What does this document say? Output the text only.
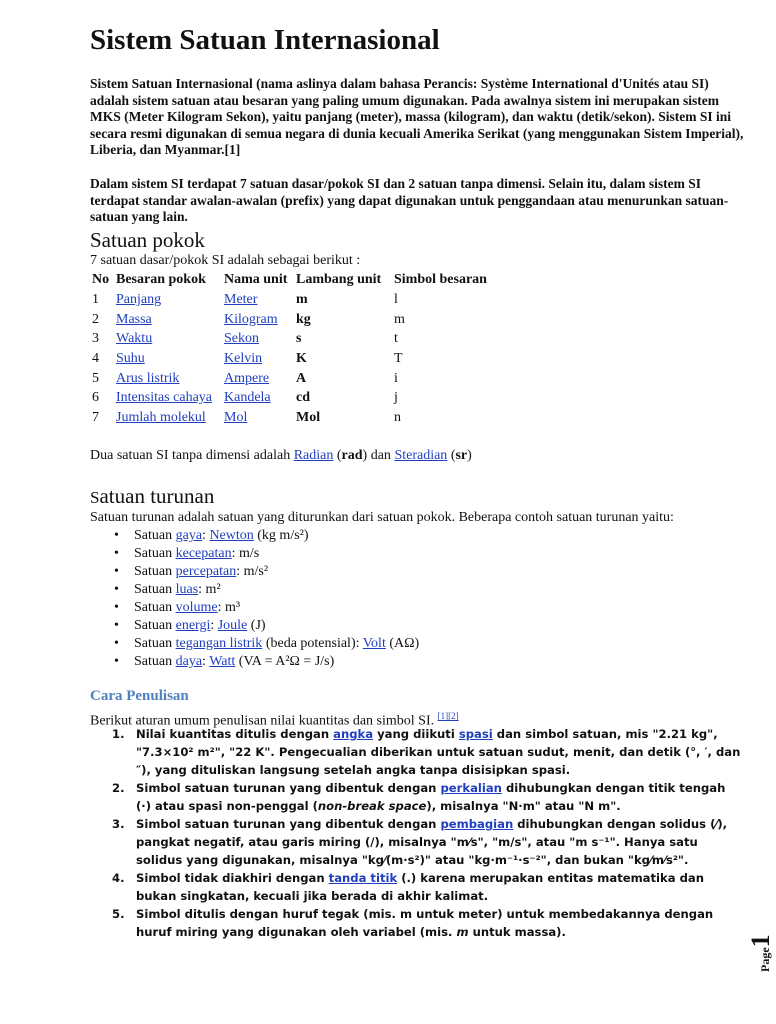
Sistem Satuan Internasional
Sistem Satuan Internasional (nama aslinya dalam bahasa Perancis: Système International d'Unités atau SI) adalah sistem satuan atau besaran yang paling umum digunakan. Pada awalnya sistem ini merupakan sistem MKS (Meter Kilogram Sekon), yaitu panjang (meter), massa (kilogram), dan waktu (detik/sekon). Sistem SI ini secara resmi digunakan di semua negara di dunia kecuali Amerika Serikat (yang menggunakan Sistem Imperial), Liberia, dan Myanmar.[1]
Dalam sistem SI terdapat 7 satuan dasar/pokok SI dan 2 satuan tanpa dimensi. Selain itu, dalam sistem SI terdapat standar awalan-awalan (prefix) yang dapat digunakan untuk penggandaan atau menurunkan satuan-satuan yang lain.
Satuan pokok
7 satuan dasar/pokok SI adalah sebagai berikut :
No	Besaran pokok	Nama unit	Lambang unit	Simbol besaran
1	Panjang	Meter	m	l
2	Massa	Kilogram	kg	m
3	Waktu	Sekon	s	t
4	Suhu	Kelvin	K	T
5	Arus listrik	Ampere	A	i
6	Intensitas cahaya	Kandela	cd	j
7	Jumlah molekul	Mol	Mol	n
Dua satuan SI tanpa dimensi adalah Radian (rad) dan Steradian (sr)
Satuan turunan
Satuan turunan adalah satuan yang diturunkan dari satuan pokok. Beberapa contoh satuan turunan yaitu:
• Satuan gaya: Newton (kg m/s²)
• Satuan kecepatan: m/s
• Satuan percepatan: m/s²
• Satuan luas: m²
• Satuan volume: m³
• Satuan energi: Joule (J)
• Satuan tegangan listrik (beda potensial): Volt (AΩ)
• Satuan daya: Watt (VA = A²Ω = J/s)
Cara Penulisan
Berikut aturan umum penulisan nilai kuantitas dan simbol SI. [1][2]
1. Nilai kuantitas ditulis dengan angka yang diikuti spasi dan simbol satuan, mis "2.21 kg", "7.3×10² m²", "22 K". Pengecualian diberikan untuk satuan sudut, menit, dan detik (°, ′, dan ″), yang dituliskan langsung setelah angka tanpa disisipkan spasi.
2. Simbol satuan turunan yang dibentuk dengan perkalian dihubungkan dengan titik tengah (·) atau spasi non-penggal (non-break space), misalnya "N·m" atau "N m".
3. Simbol satuan turunan yang dibentuk dengan pembagian dihubungkan dengan solidus (⁄), pangkat negatif, atau garis miring (/), misalnya "m⁄s", "m/s", atau "m s⁻¹". Hanya satu solidus yang digunakan, misalnya "kg⁄(m·s²)" atau "kg·m⁻¹·s⁻²", dan bukan "kg⁄m⁄s²".
4. Simbol tidak diakhiri dengan tanda titik (.) karena merupakan entitas matematika dan bukan singkatan, kecuali jika berada di akhir kalimat.
5. Simbol ditulis dengan huruf tegak (mis. m untuk meter) untuk membedakannya dengan huruf miring yang digunakan oleh variabel (mis. m untuk massa).
Page1
